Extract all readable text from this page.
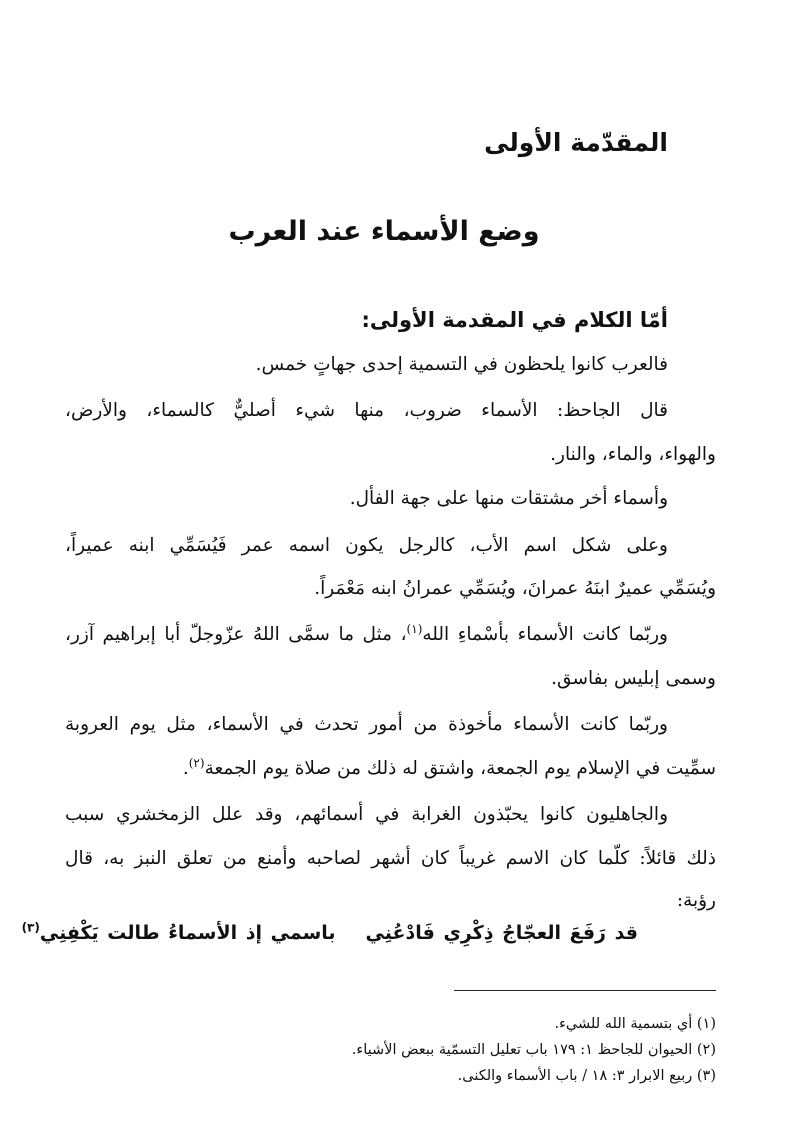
المقدّمة الأولى
وضع الأسماء عند العرب
أمّا الكلام في المقدمة الأولى:

فالعرب كانوا يلحظون في التسمية إحدى جهاتٍ خمس.

قال الجاحظ: الأسماء ضروب، منها شيء أصليٌّ كالسماء، والأرض،

والهواء، والماء، والنار.

وأسماء أخر مشتقات منها على جهة الفأل.

وعلى شكل اسم الأب، كالرجل يكون اسمه عمر فَيُسَمِّي ابنه عميراً،

ويُسَمِّي عميرٌ ابنَهُ عمرانَ، ويُسَمِّي عمرانُ ابنه مَعْمَراً.

وربّما كانت الأسماء بأسْماءِ الله$^{(١)}$، مثل ما سمَّى اللهُ عزّوجلّ أبا إبراهيم آزر،

وسمى إبليس بفاسق.

وربّما كانت الأسماء مأخوذة من أمور تحدث في الأسماء، مثل يوم العروبة

سمِّيت في الإسلام يوم الجمعة، واشتق له ذلك من صلاة يوم الجمعة$^{(٢)}$.

والجاهليون كانوا يحبّذون الغرابة في أسمائهم، وقد علل الزمخشري سبب

ذلك قائلاً: كلّما كان الاسم غريباً كان أشهر لصاحبه وأمنع من تعلق النبز به، قال

رؤبة:

قد رَفَعَ العجّاجُ ذِكْرِي فَادْعُنِيباسمي إذ الأسماءُ طالت يَكْفِنِي$^{(٣)}$

(١) أي بتسمية الله للشيء.

(٢) الحيوان للجاحظ ١: ١٧٩ باب تعليل التسمّية ببعض الأشياء.

(٣) ربيع الابرار ٣: ١٨ / باب الأسماء والكنى.
